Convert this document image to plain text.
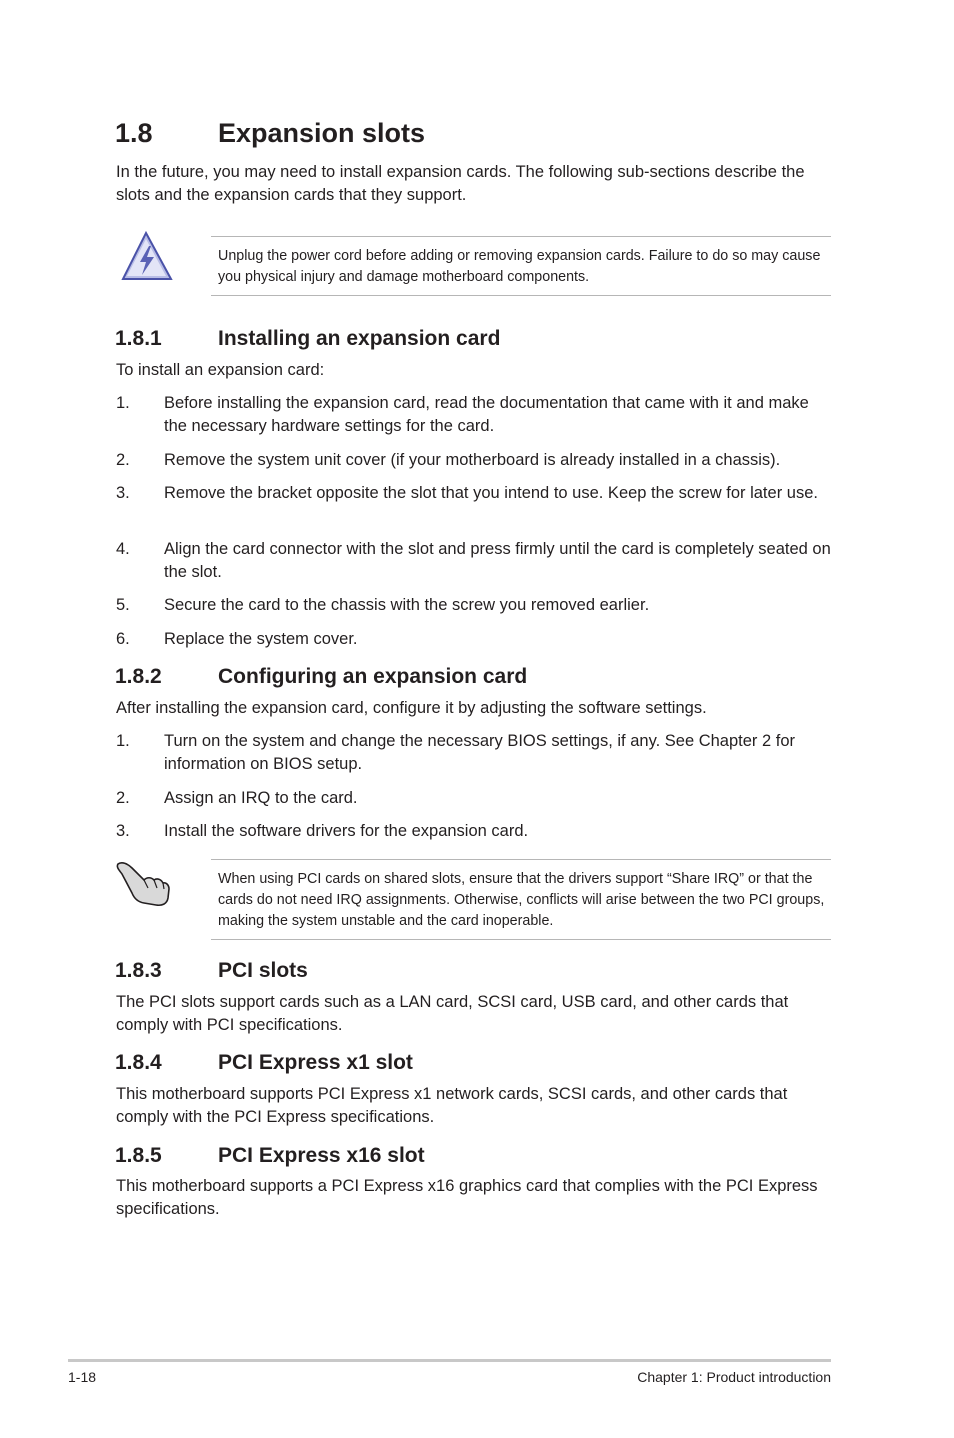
1.8 Expansion slots
In the future, you may need to install expansion cards. The following sub-sections describe the slots and the expansion cards that they support.
Unplug the power cord before adding or removing expansion cards. Failure to do so may cause you physical injury and damage motherboard components.
1.8.1	Installing an expansion card
To install an expansion card:
1.	Before installing the expansion card, read the documentation that came with it and make the necessary hardware settings for the card.
2.	Remove the system unit cover (if your motherboard is already installed in a chassis).
3.	Remove the bracket opposite the slot that you intend to use. Keep the screw for later use.
4.	Align the card connector with the slot and press firmly until the card is completely seated on the slot.
5.	Secure the card to the chassis with the screw you removed earlier.
6.	Replace the system cover.
1.8.2	Configuring an expansion card
After installing the expansion card, configure it by adjusting the software settings.
1.	Turn on the system and change the necessary BIOS settings, if any. See Chapter 2 for information on BIOS setup.
2.	Assign an IRQ to the card.
3.	Install the software drivers for the expansion card.
When using PCI cards on shared slots, ensure that the drivers support “Share IRQ” or that the cards do not need IRQ assignments. Otherwise, conflicts will arise between the two PCI groups, making the system unstable and the card inoperable.
1.8.3	PCI slots
The PCI slots support cards such as a LAN card, SCSI card, USB card, and other cards that comply with PCI specifications.
1.8.4	PCI Express x1 slot
This motherboard supports PCI Express x1 network cards, SCSI cards, and other cards that comply with the PCI Express specifications.
1.8.5	PCI Express x16 slot
This motherboard supports a PCI Express x16 graphics card that complies with the PCI Express specifications.
1-18	Chapter 1: Product introduction
